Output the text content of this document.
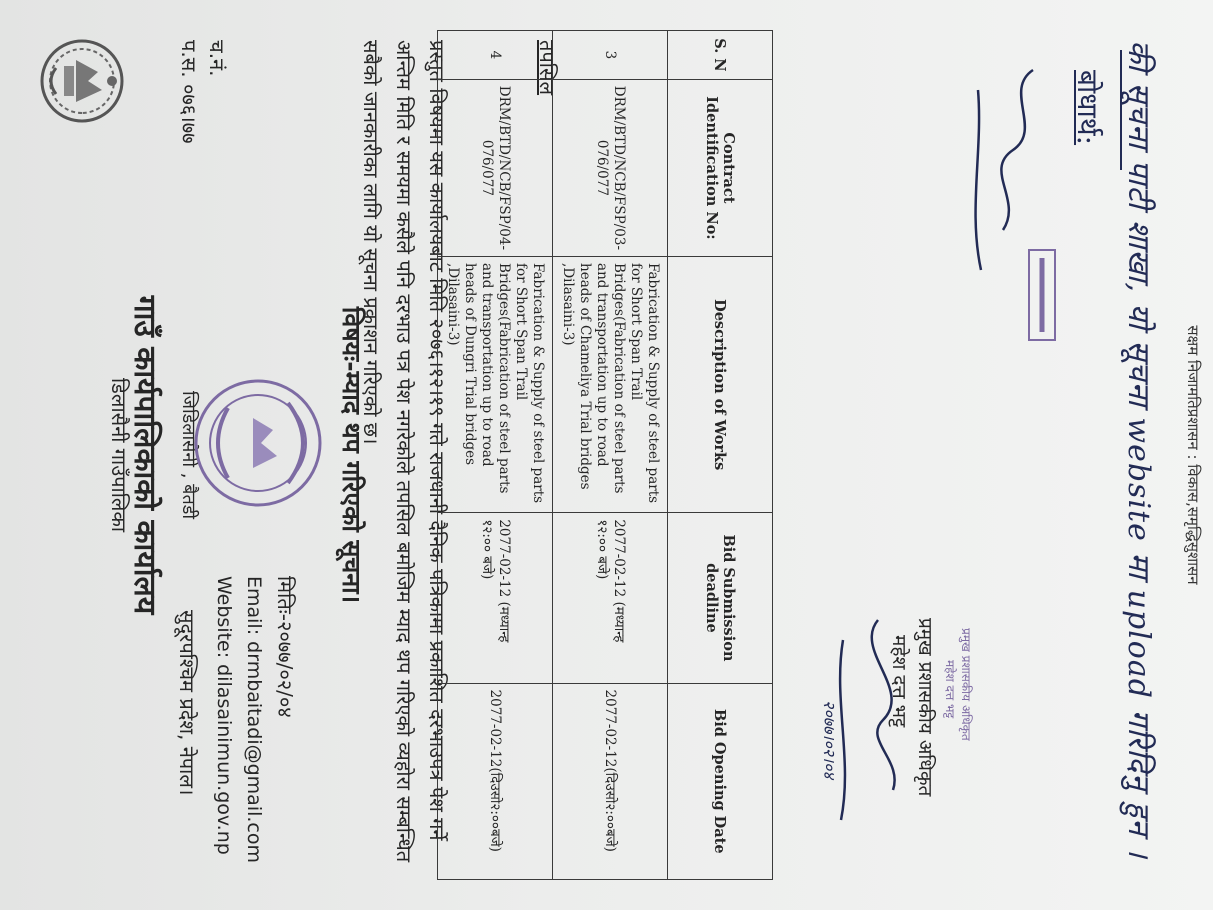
डिलासैनी गाउँपालिका
गाउँ कार्यपालिकाको कार्यालय जिडिलासैनी , बैतडी
प.स. ०७६।७७ च.नं.
सुदूरपश्चिम प्रदेश, नेपाल। Website: dilasainimun.gov.np Email: drmbaitadi@gmail.com मितिः-२०७७/०२/०४
विषयः-म्याद थप गरिएको सूचना।	प्रस्तुत विषयमा यस कार्यालयबाट मिति २०७६।१२।१९ गते राजधानी दैनिक पत्रिकामा प्रकाशित दरभाउपत्र पेश गर्ने अन्तिम मिति र समयमा कसैले पनि दरभाउ पत्र पेश नगरेकोले तपसिल बमोजिम म्याद थप गरिएको व्यहोरा सम्बन्धित सबैको जानकारीका लागि यो सूचना प्रकाशन गरिएको छ।	तपसिल	S. N	Contract Identification No:	Description of Works	Bid Submission deadline	Bid Opening Date
3	DRM/BTD/NCB/FSP/03-076/077	Fabrication & Supply of steel parts for Short Span Trail Bridges(Fabrication of steel parts and transportation up to road heads of Chameliya Trial bridges ,Dilasaini-3)	2077-02-12 (मध्यान्ह १२:०० बजे)	2077-02-12(दिउसो२:००बजे)
4	DRM/BTD/NCB/FSP/04-076/077	Fabrication & Supply of steel parts for Short Span Trail Bridges(Fabrication of steel parts and transportation up to road heads of Dungri Trial bridges ,Dilasaini-3)	2077-02-12 (मध्यान्ह १२:०० बजे)	2077-02-12(दिउसो२:००बजे)
महेश दत्त भट्ट प्रमुख प्रशासकीय अधिकृत महेश दत्त भट्ट प्रमुख प्रशासकीय अधिकृत
२०७७।०२।०४
बोधार्थ: की सूचना पाटी शाखा, यो सूचना website मा upload गरिदिनु हुन ।	सक्षम निजामतिप्रशासन : विकास,समृद्धिसुशासन
